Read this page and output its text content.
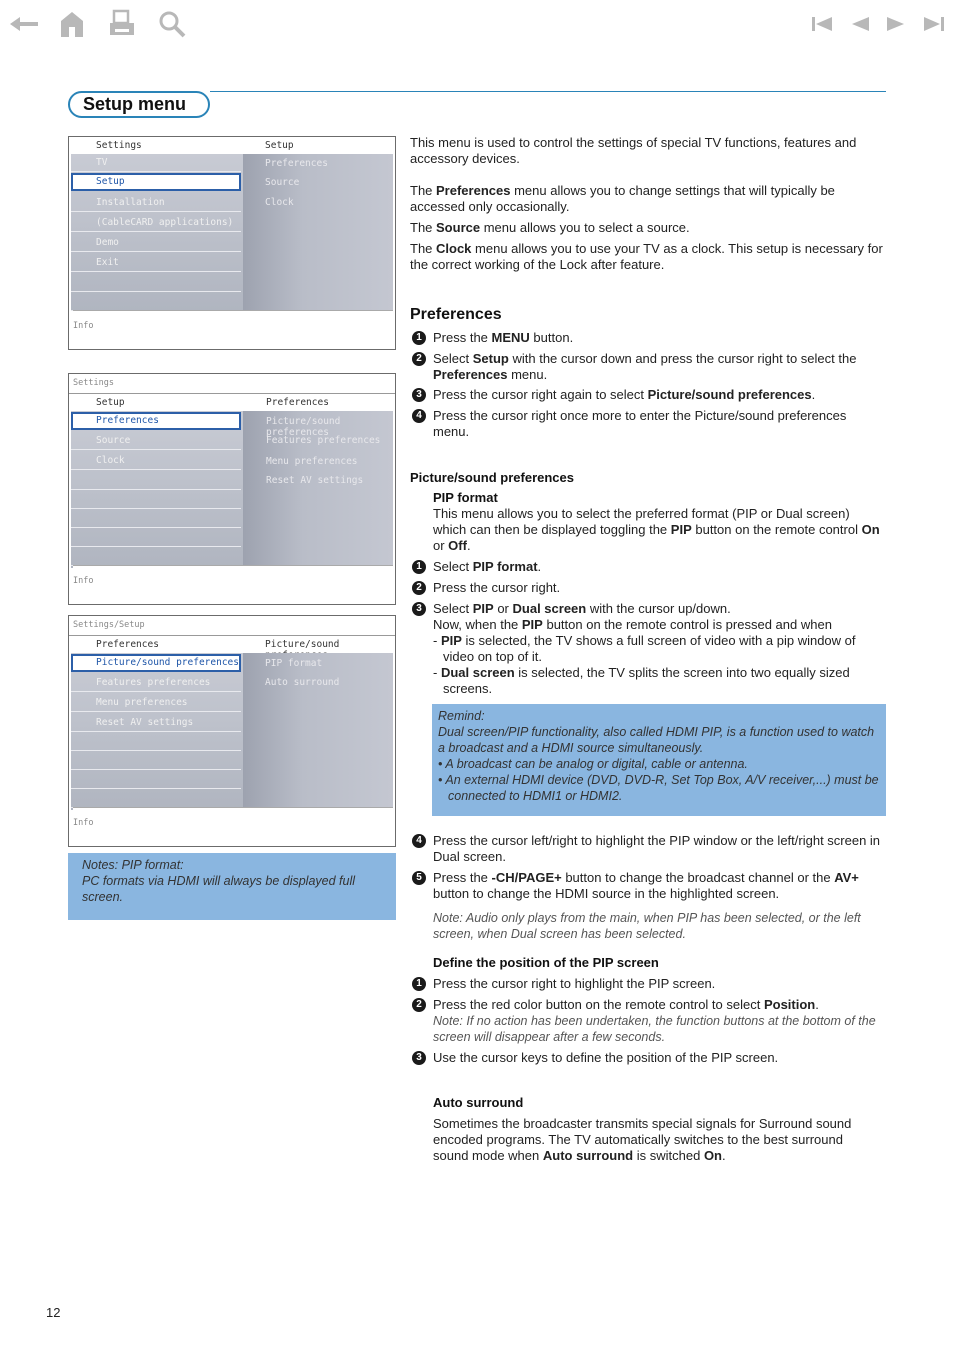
Setup menu
Settings	Setup
TV
Setup
Installation
(CableCARD applications)
Demo
Exit
Preferences
Source
Clock
Info
Settings
Setup	Preferences
Preferences
Source
Clock
Picture/sound preferences
Features preferences
Menu preferences
Reset AV settings
Info
Settings/Setup
Preferences	Picture/sound
Picture/sound preferences
Features preferences
Menu preferences
Reset AV settings
PIP format
Auto surround
Info
Notes: PIP format:
PC formats via HDMI will always be displayed full
screen.
This menu is used to control the settings of special TV functions, features and accessory devices.
The Preferences menu allows you to change settings that will typically be accessed only occasionally.
The Source menu allows you to select a source.
The Clock menu allows you to use your TV as a clock. This setup is necessary for the correct working of the Lock after feature.
Preferences
1 Press the MENU button.
2 Select Setup with the cursor down and press the cursor right to select the Preferences menu.
3 Press the cursor right again to select Picture/sound preferences.
4 Press the cursor right once more to enter the Picture/sound preferences menu.
Picture/sound preferences
PIP format
This menu allows you to select the preferred format (PIP or Dual screen) which can then be displayed toggling the PIP button on the remote control On or Off.
1 Select PIP format.
2 Press the cursor right.
3 Select PIP or Dual screen with the cursor up/down.
Now, when the PIP button on the remote control is pressed and when
- PIP is selected, the TV shows a full screen of video with a pip window of video on top of it.
- Dual screen is selected, the TV splits the screen into two equally sized screens.
Remind:
Dual screen/PIP functionality, also called HDMI PIP, is a function used to watch a broadcast and a HDMI source simultaneously.
• A broadcast can be analog or digital, cable or antenna.
• An external HDMI device (DVD, DVD-R, Set Top Box, A/V receiver,...) must be connected to HDMI1 or HDMI2.
4 Press the cursor left/right to highlight the PIP window or the left/right screen in Dual screen.
5 Press the -CH/PAGE+ button to change the broadcast channel or the AV+ button to change the HDMI source in the highlighted screen.
Note: Audio only plays from the main, when PIP has been selected, or the left screen, when Dual screen has been selected.
Define the position of the PIP screen
1 Press the cursor right to highlight the PIP screen.
2 Press the red color button on the remote control to select Position.
Note: If no action has been undertaken, the function buttons at the bottom of the screen will disappear after a few seconds.
3 Use the cursor keys to define the position of the PIP screen.
Auto surround
Sometimes the broadcaster transmits special signals for Surround sound encoded programs. The TV automatically switches to the best surround sound mode when Auto surround is switched On.
12
